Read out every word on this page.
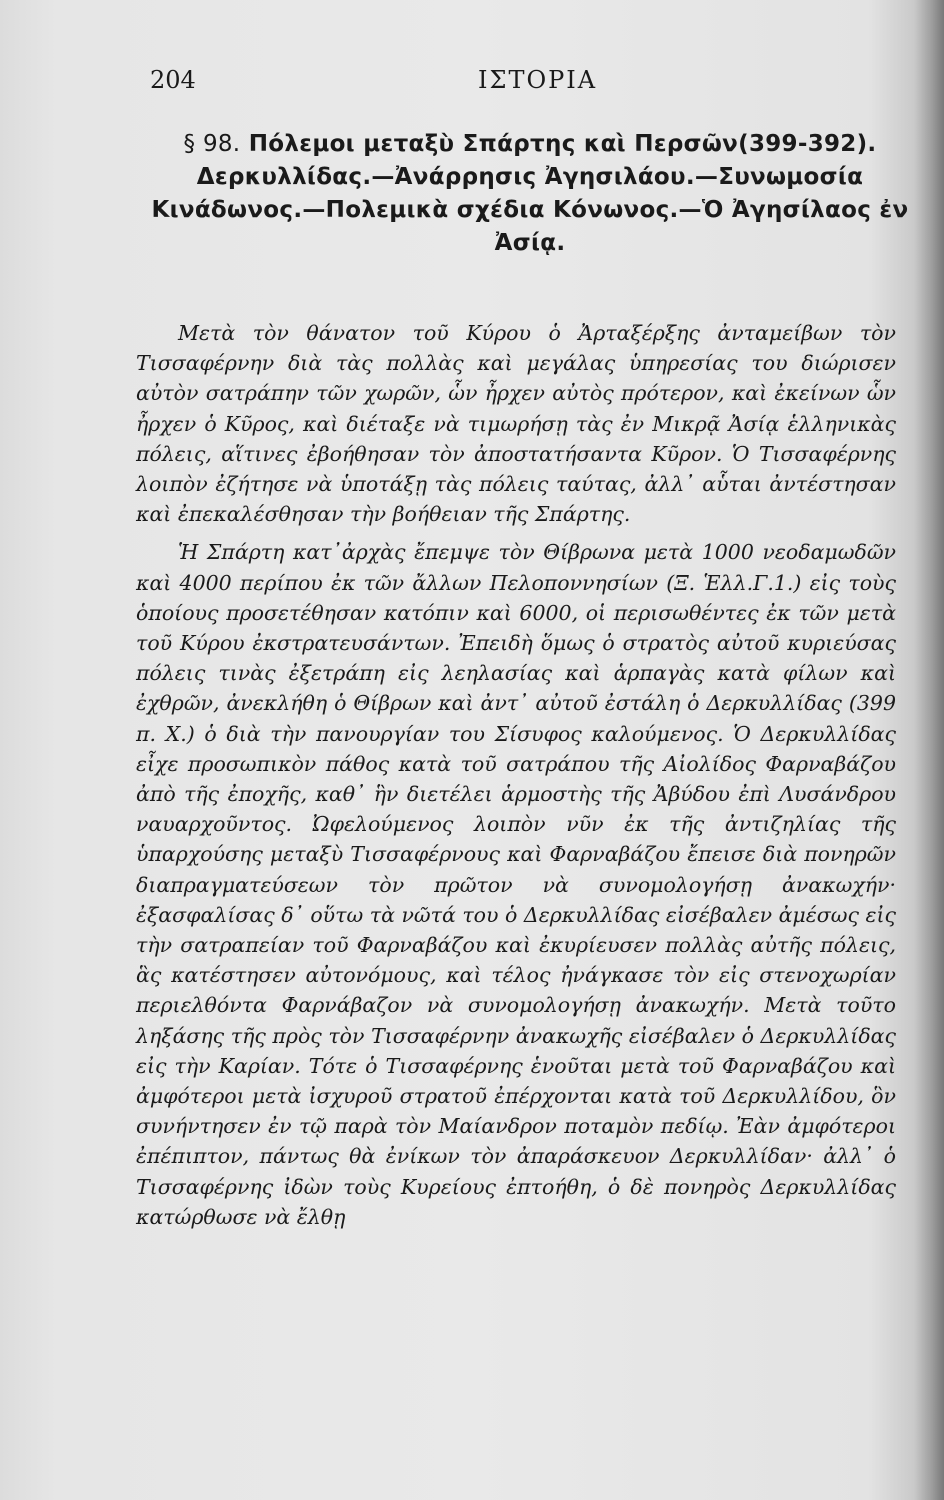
204	ΙΣΤΟΡΙΑ
§ 98. Πόλεμοι μεταξὺ Σπάρτης καὶ Περσῶν(399-392). Δερκυλλίδας.—Ἀνάρρησις Ἀγησιλάου.—Συνωμοσία Κινάδωνος.—Πολεμικὰ σχέδια Κόνωνος.—Ὁ Ἀγησίλαος ἐν Ἀσίᾳ.

Μετὰ τὸν θάνατον τοῦ Κύρου ὁ Ἀρταξέρξης ἀνταμείβων τὸν Τισσαφέρνην διὰ τὰς πολλὰς καὶ μεγάλας ὑπηρεσίας του διώρισεν αὐτὸν σατράπην τῶν χωρῶν, ὧν ἦρχεν αὐτὸς πρότερον, καὶ ἐκείνων ὧν ἦρχεν ὁ Κῦρος, καὶ διέταξε νὰ τιμωρήσῃ τὰς ἐν Μικρᾷ Ἀσίᾳ ἑλληνικὰς πόλεις, αἵτινες ἐβοήθησαν τὸν ἀποστατήσαντα Κῦρον. Ὁ Τισσαφέρνης λοιπὸν ἐζήτησε νὰ ὑποτάξῃ τὰς πόλεις ταύτας, ἀλλ᾽ αὗται ἀντέστησαν καὶ ἐπεκαλέσθησαν τὴν βοήθειαν τῆς Σπάρτης.

Ἡ Σπάρτη κατ᾽ἀρχὰς ἔπεμψε τὸν Θίβρωνα μετὰ 1000 νεοδαμωδῶν καὶ 4000 περίπου ἐκ τῶν ἄλλων Πελοποννησίων (Ξ. Ἑλλ.Γ.1.) εἰς τοὺς ὁποίους προσετέθησαν κατόπιν καὶ 6000, οἱ περισωθέντες ἐκ τῶν μετὰ τοῦ Κύρου ἐκστρατευσάντων. Ἐπειδὴ ὅμως ὁ στρατὸς αὐτοῦ κυριεύσας πόλεις τινὰς ἐξετράπη εἰς λεηλασίας καὶ ἁρπαγὰς κατὰ φίλων καὶ ἐχθρῶν, ἀνεκλήθη ὁ Θίβρων καὶ ἀντ᾽ αὐτοῦ ἐστάλη ὁ Δερκυλλίδας (399 π. Χ.) ὁ διὰ τὴν πανουργίαν του Σίσυφος καλούμενος. Ὁ Δερκυλλίδας εἶχε προσωπικὸν πάθος κατὰ τοῦ σατράπου τῆς Αἰολίδος Φαρναβάζου ἀπὸ τῆς ἐποχῆς, καθ᾽ ἣν διετέλει ἁρμοστὴς τῆς Ἀβύδου ἐπὶ Λυσάνδρου ναυαρχοῦντος. Ὠφελούμενος λοιπὸν νῦν ἐκ τῆς ἀντιζηλίας τῆς ὑπαρχούσης μεταξὺ Τισσαφέρνους καὶ Φαρναβάζου ἔπεισε διὰ πονηρῶν διαπραγματεύσεων τὸν πρῶτον νὰ συνομολογήσῃ ἀνακωχήν· ἐξασφαλίσας δ᾽ οὕτω τὰ νῶτά του ὁ Δερκυλλίδας εἰσέβαλεν ἀμέσως εἰς τὴν σατραπείαν τοῦ Φαρναβάζου καὶ ἐκυρίευσεν πολλὰς αὐτῆς πόλεις, ἃς κατέστησεν αὐτονόμους, καὶ τέλος ἠνάγκασε τὸν εἰς στενοχωρίαν περιελθόντα Φαρνάβαζον νὰ συνομολογήσῃ ἀνακωχήν. Μετὰ τοῦτο ληξάσης τῆς πρὸς τὸν Τισσαφέρνην ἀνακωχῆς εἰσέβαλεν ὁ Δερκυλλίδας εἰς τὴν Καρίαν. Τότε ὁ Τισσαφέρνης ἑνοῦται μετὰ τοῦ Φαρναβάζου καὶ ἀμφότεροι μετὰ ἰσχυροῦ στρατοῦ ἐπέρχονται κατὰ τοῦ Δερκυλλίδου, ὃν συνήντησεν ἐν τῷ παρὰ τὸν Μαίανδρον ποταμὸν πεδίῳ. Ἐὰν ἀμφότεροι ἐπέπιπτον, πάντως θὰ ἐνίκων τὸν ἀπαράσκευον Δερκυλλίδαν· ἀλλ᾽ ὁ Τισσαφέρνης ἰδὼν τοὺς Κυρείους ἐπτοήθη, ὁ δὲ πονηρὸς Δερκυλλίδας κατώρθωσε νὰ ἔλθῃ
